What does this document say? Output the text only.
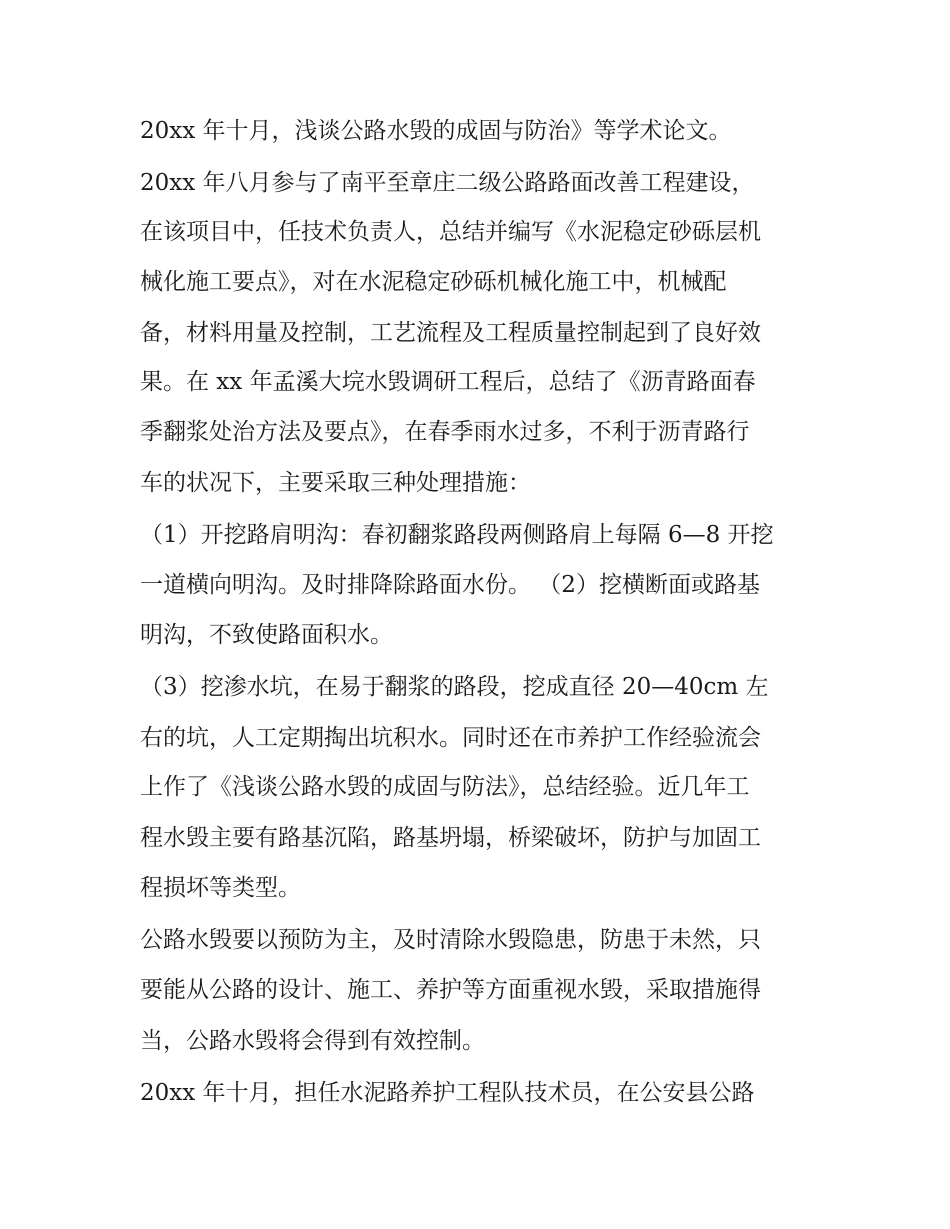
20xx 年十月，浅谈公路水毁的成固与防治》等学术论文。
20xx 年八月参与了南平至章庄二级公路路面改善工程建设，
在该项目中，任技术负责人，总结并编写《水泥稳定砂砾层机
械化施工要点》，对在水泥稳定砂砾机械化施工中，机械配
备，材料用量及控制，工艺流程及工程质量控制起到了良好效
果。在 xx 年孟溪大垸水毁调研工程后，总结了《沥青路面春
季翻浆处治方法及要点》，在春季雨水过多，不利于沥青路行
车的状况下，主要采取三种处理措施：
（1）开挖路肩明沟：春初翻浆路段两侧路肩上每隔 6—8 开挖
一道横向明沟。及时排降除路面水份。 （2）挖横断面或路基
明沟，不致使路面积水。
（3）挖渗水坑，在易于翻浆的路段，挖成直径 20—40cm 左
右的坑，人工定期掏出坑积水。同时还在市养护工作经验流会
上作了《浅谈公路水毁的成固与防法》，总结经验。近几年工
程水毁主要有路基沉陷，路基坍塌，桥梁破坏，防护与加固工
程损坏等类型。
公路水毁要以预防为主，及时清除水毁隐患，防患于未然，只
要能从公路的设计、施工、养护等方面重视水毁，采取措施得
当，公路水毁将会得到有效控制。
20xx 年十月，担任水泥路养护工程队技术员，在公安县公路
